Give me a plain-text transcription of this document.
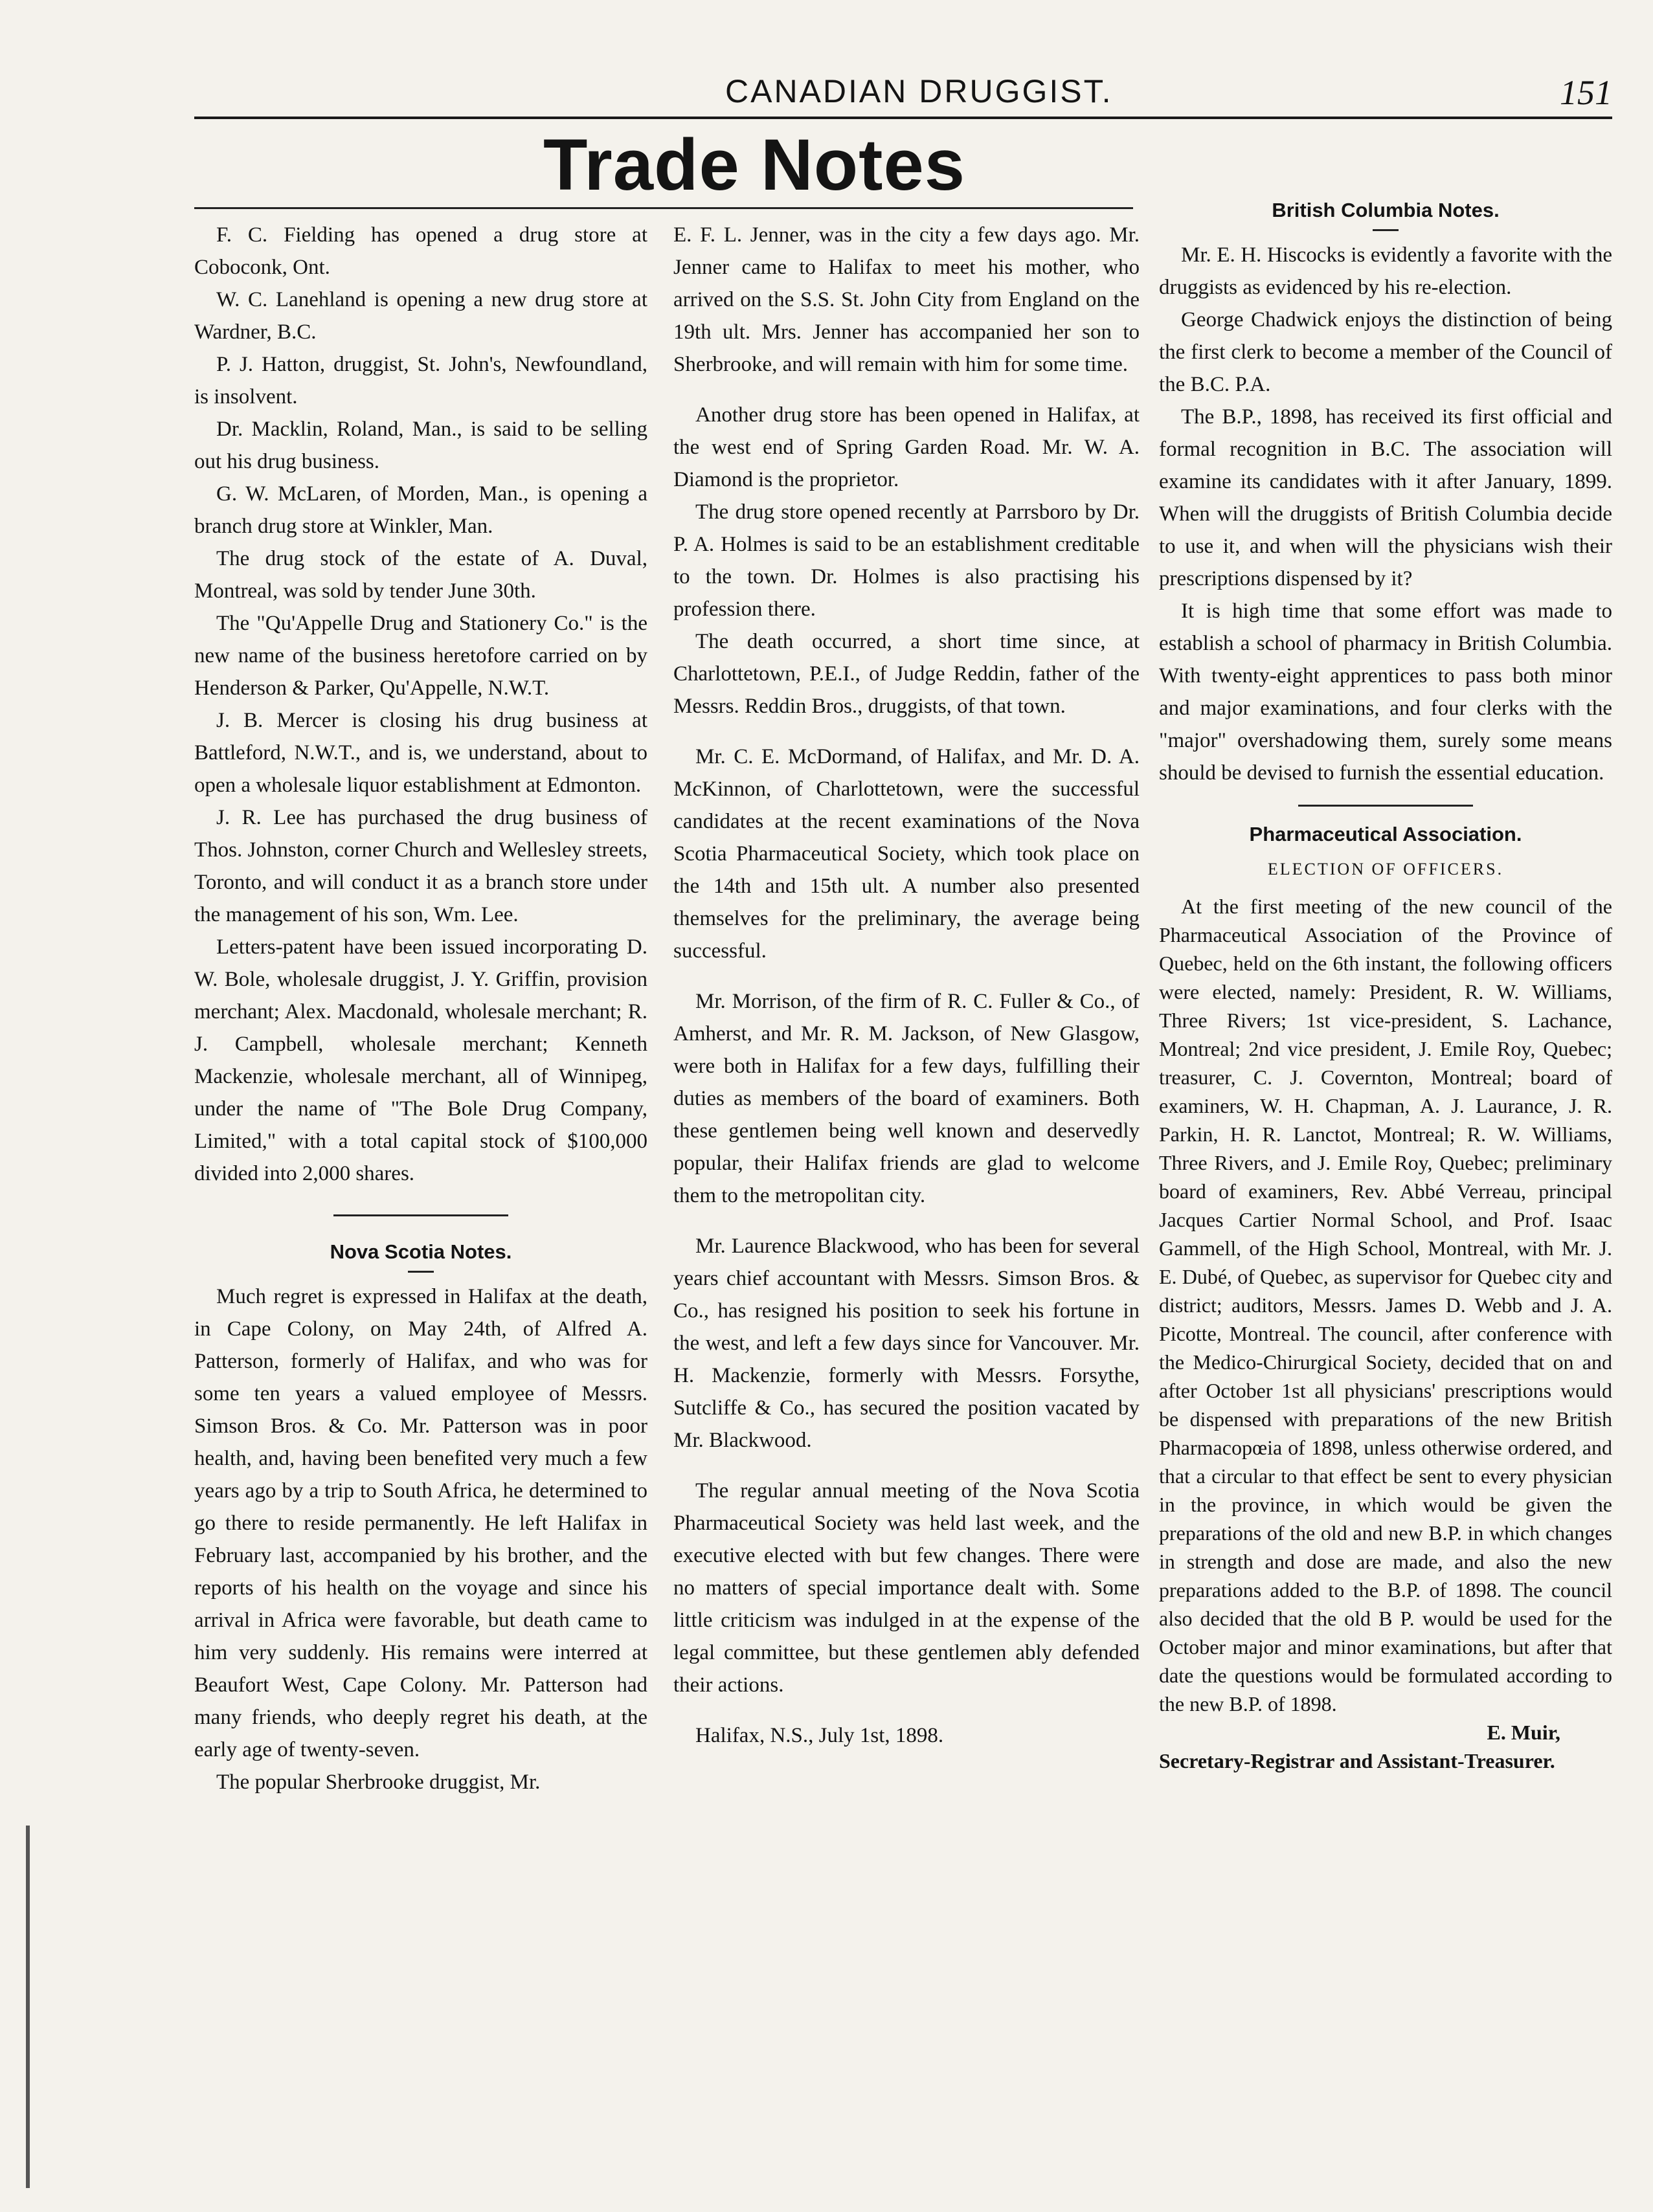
CANADIAN DRUGGIST.	151
Trade Notes

F. C. Fielding has opened a drug store at Coboconk, Ont.

W. C. Lanehland is opening a new drug store at Wardner, B.C.

P. J. Hatton, druggist, St. John's, Newfoundland, is insolvent.

Dr. Macklin, Roland, Man., is said to be selling out his drug business.

G. W. McLaren, of Morden, Man., is opening a branch drug store at Winkler, Man.

The drug stock of the estate of A. Duval, Montreal, was sold by tender June 30th.

The "Qu'Appelle Drug and Stationery Co." is the new name of the business heretofore carried on by Henderson & Parker, Qu'Appelle, N.W.T.

J. B. Mercer is closing his drug business at Battleford, N.W.T., and is, we understand, about to open a wholesale liquor establishment at Edmonton.

J. R. Lee has purchased the drug business of Thos. Johnston, corner Church and Wellesley streets, Toronto, and will conduct it as a branch store under the management of his son, Wm. Lee.

Letters-patent have been issued incorporating D. W. Bole, wholesale druggist, J. Y. Griffin, provision merchant; Alex. Macdonald, wholesale merchant; R. J. Campbell, wholesale merchant; Kenneth Mackenzie, wholesale merchant, all of Winnipeg, under the name of "The Bole Drug Company, Limited," with a total capital stock of $100,000 divided into 2,000 shares.

Nova Scotia Notes.

Much regret is expressed in Halifax at the death, in Cape Colony, on May 24th, of Alfred A. Patterson, formerly of Halifax, and who was for some ten years a valued employee of Messrs. Simson Bros. & Co. Mr. Patterson was in poor health, and, having been benefited very much a few years ago by a trip to South Africa, he determined to go there to reside permanently. He left Halifax in February last, accompanied by his brother, and the reports of his health on the voyage and since his arrival in Africa were favorable, but death came to him very suddenly. His remains were interred at Beaufort West, Cape Colony. Mr. Patterson had many friends, who deeply regret his death, at the early age of twenty-seven.

The popular Sherbrooke druggist, Mr.

E. F. L. Jenner, was in the city a few days ago. Mr. Jenner came to Halifax to meet his mother, who arrived on the S.S. St. John City from England on the 19th ult. Mrs. Jenner has accompanied her son to Sherbrooke, and will remain with him for some time.

Another drug store has been opened in Halifax, at the west end of Spring Garden Road. Mr. W. A. Diamond is the proprietor.

The drug store opened recently at Parrsboro by Dr. P. A. Holmes is said to be an establishment creditable to the town. Dr. Holmes is also practising his profession there.

The death occurred, a short time since, at Charlottetown, P.E.I., of Judge Reddin, father of the Messrs. Reddin Bros., druggists, of that town.

Mr. C. E. McDormand, of Halifax, and Mr. D. A. McKinnon, of Charlottetown, were the successful candidates at the recent examinations of the Nova Scotia Pharmaceutical Society, which took place on the 14th and 15th ult. A number also presented themselves for the preliminary, the average being successful.

Mr. Morrison, of the firm of R. C. Fuller & Co., of Amherst, and Mr. R. M. Jackson, of New Glasgow, were both in Halifax for a few days, fulfilling their duties as members of the board of examiners. Both these gentlemen being well known and deservedly popular, their Halifax friends are glad to welcome them to the metropolitan city.

Mr. Laurence Blackwood, who has been for several years chief accountant with Messrs. Simson Bros. & Co., has resigned his position to seek his fortune in the west, and left a few days since for Vancouver. Mr. H. Mackenzie, formerly with Messrs. Forsythe, Sutcliffe & Co., has secured the position vacated by Mr. Blackwood.

The regular annual meeting of the Nova Scotia Pharmaceutical Society was held last week, and the executive elected with but few changes. There were no matters of special importance dealt with. Some little criticism was indulged in at the expense of the legal committee, but these gentlemen ably defended their actions.

Halifax, N.S., July 1st, 1898.

British Columbia Notes.

Mr. E. H. Hiscocks is evidently a favorite with the druggists as evidenced by his re-election.

George Chadwick enjoys the distinction of being the first clerk to become a member of the Council of the B.C. P.A.

The B.P., 1898, has received its first official and formal recognition in B.C. The association will examine its candidates with it after January, 1899. When will the druggists of British Columbia decide to use it, and when will the physicians wish their prescriptions dispensed by it?

It is high time that some effort was made to establish a school of pharmacy in British Columbia. With twenty-eight apprentices to pass both minor and major examinations, and four clerks with the "major" overshadowing them, surely some means should be devised to furnish the essential education.

Pharmaceutical Association.
ELECTION OF OFFICERS.

At the first meeting of the new council of the Pharmaceutical Association of the Province of Quebec, held on the 6th instant, the following officers were elected, namely: President, R. W. Williams, Three Rivers; 1st vice-president, S. Lachance, Montreal; 2nd vice president, J. Emile Roy, Quebec; treasurer, C. J. Covernton, Montreal; board of examiners, W. H. Chapman, A. J. Laurance, J. R. Parkin, H. R. Lanctot, Montreal; R. W. Williams, Three Rivers, and J. Emile Roy, Quebec; preliminary board of examiners, Rev. Abbé Verreau, principal Jacques Cartier Normal School, and Prof. Isaac Gammell, of the High School, Montreal, with Mr. J. E. Dubé, of Quebec, as supervisor for Quebec city and district; auditors, Messrs. James D. Webb and J. A. Picotte, Montreal. The council, after conference with the Medico-Chirurgical Society, decided that on and after October 1st all physicians' prescriptions would be dispensed with preparations of the new British Pharmacopœia of 1898, unless otherwise ordered, and that a circular to that effect be sent to every physician in the province, in which would be given the preparations of the old and new B.P. in which changes in strength and dose are made, and also the new preparations added to the B.P. of 1898. The council also decided that the old B P. would be used for the October major and minor examinations, but after that date the questions would be formulated according to the new B.P. of 1898.

E. Muir,

Secretary-Registrar and Assistant-Treasurer.
